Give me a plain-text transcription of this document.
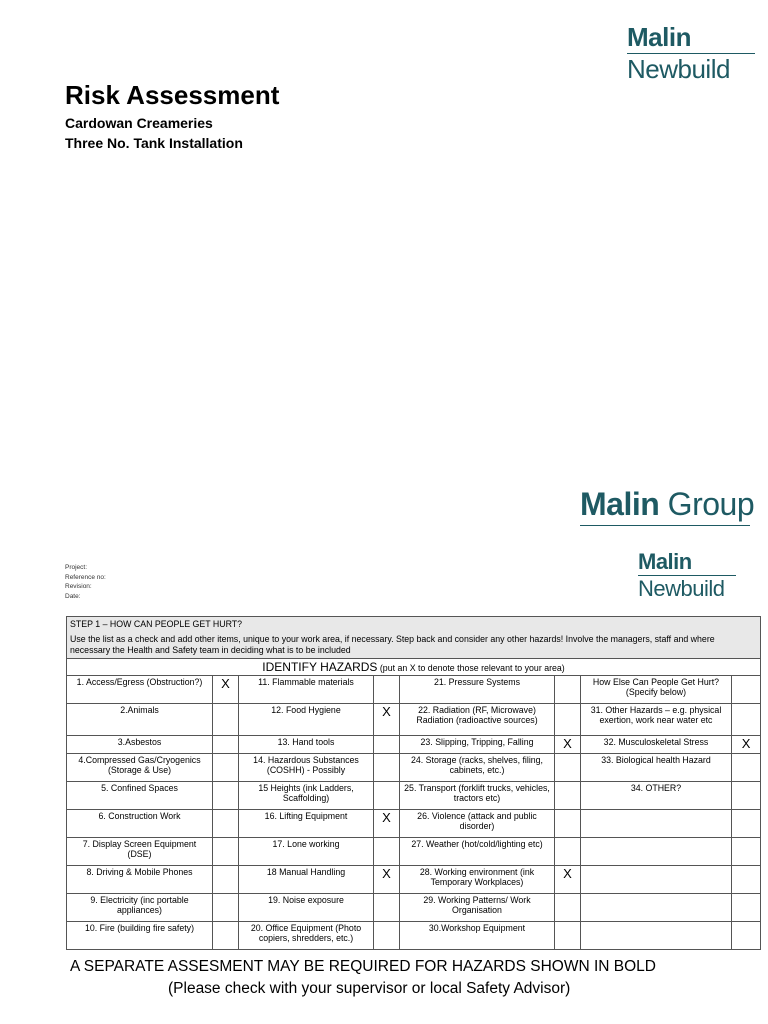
Malin
Newbuild
Risk Assessment
Cardowan Creameries
Three No. Tank Installation
Malin Group
Malin
Newbuild
Project:
Reference no:
Revision:
Date:
STEP 1 – HOW CAN PEOPLE GET HURT?
Use the list as a check and add other items, unique to your work area, if necessary. Step back and consider any other hazards! Involve the managers, staff and where necessary the Health and Safety team in deciding what is to be included							

IDENTIFY HAZARDS (put an X to denote those relevant to your area)							
1. Access/Egress (Obstruction?)	X	11. Flammable materials		21. Pressure Systems		How Else Can People Get Hurt? (Specify below)	
2.Animals		12. Food Hygiene	X	22. Radiation (RF, Microwave) Radiation (radioactive sources)		31. Other Hazards – e.g. physical exertion, work near water etc	
3.Asbestos		13. Hand tools		23. Slipping, Tripping, Falling	X	32. Musculoskeletal Stress	X
4.Compressed Gas/Cryogenics (Storage & Use)		14. Hazardous Substances (COSHH) - Possibly		24. Storage (racks, shelves, filing, cabinets, etc.)		33. Biological health Hazard	
5. Confined Spaces		15 Heights (ink Ladders, Scaffolding)		25. Transport (forklift trucks, vehicles, tractors etc)		34. OTHER?	
6. Construction Work		16. Lifting Equipment	X	26. Violence (attack and public disorder)			
7. Display Screen Equipment (DSE)		17. Lone working		27. Weather (hot/cold/lighting etc)			
8. Driving & Mobile Phones		18 Manual Handling	X	28. Working environment (ink Temporary Workplaces)	X		
9. Electricity (inc portable appliances)		19. Noise exposure		29. Working Patterns/ Work Organisation			
10. Fire (building fire safety)		20. Office Equipment (Photo copiers, shredders, etc.)		30.Workshop Equipment			
A SEPARATE ASSESMENT MAY BE REQUIRED FOR HAZARDS SHOWN IN BOLD
(Please check with your supervisor or local Safety Advisor)
